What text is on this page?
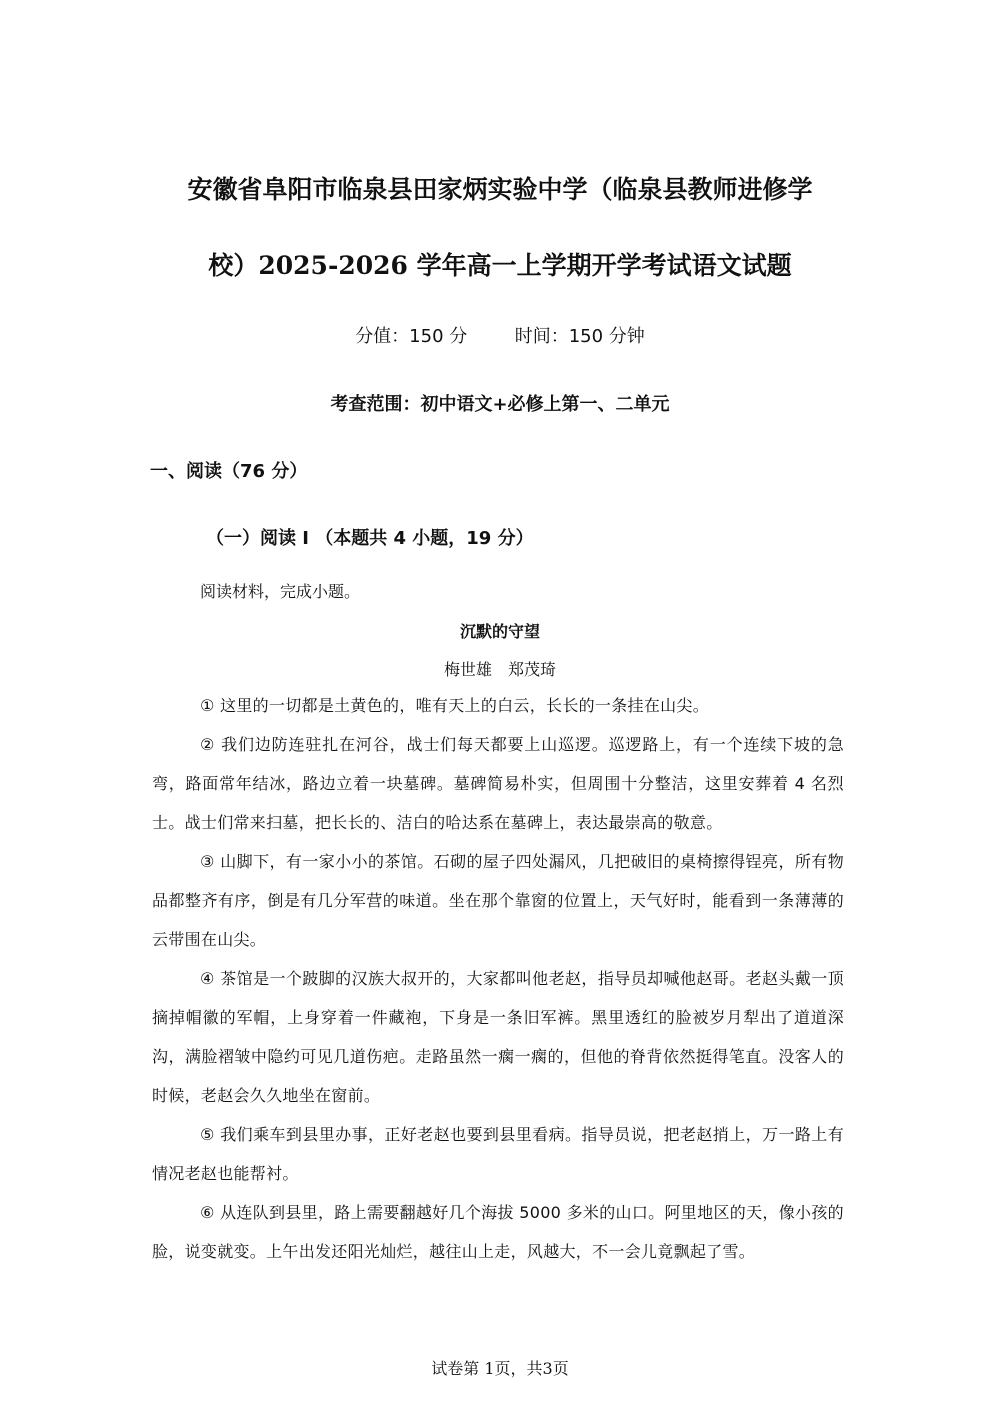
安徽省阜阳市临泉县田家炳实验中学（临泉县教师进修学
校）2025-2026 学年高一上学期开学考试语文试题
分值：150 分	时间：150 分钟
考查范围：初中语文+必修上第一、二单元
一、阅读（76 分）
（一）阅读 I （本题共 4 小题，19 分）
阅读材料，完成小题。
沉默的守望
梅世雄　郑茂琦

① 这里的一切都是土黄色的，唯有天上的白云，长长的一条挂在山尖。

② 我们边防连驻扎在河谷，战士们每天都要上山巡逻。巡逻路上，有一个连续下坡的急弯，路面常年结冰，路边立着一块墓碑。墓碑简易朴实，但周围十分整洁，这里安葬着 4 名烈士。战士们常来扫墓，把长长的、洁白的哈达系在墓碑上，表达最崇高的敬意。

③ 山脚下，有一家小小的茶馆。石砌的屋子四处漏风，几把破旧的桌椅擦得锃亮，所有物品都整齐有序，倒是有几分军营的味道。坐在那个靠窗的位置上，天气好时，能看到一条薄薄的云带围在山尖。

④ 茶馆是一个跛脚的汉族大叔开的，大家都叫他老赵，指导员却喊他赵哥。老赵头戴一顶摘掉帽徽的军帽，上身穿着一件藏袍，下身是一条旧军裤。黑里透红的脸被岁月犁出了道道深沟，满脸褶皱中隐约可见几道伤疤。走路虽然一瘸一瘸的，但他的脊背依然挺得笔直。没客人的时候，老赵会久久地坐在窗前。

⑤ 我们乘车到县里办事，正好老赵也要到县里看病。指导员说，把老赵捎上，万一路上有情况老赵也能帮衬。

⑥ 从连队到县里，路上需要翻越好几个海拔 5000 多米的山口。阿里地区的天，像小孩的脸，说变就变。上午出发还阳光灿烂，越往山上走，风越大，不一会儿竟飘起了雪。

试卷第 1页，共3页
